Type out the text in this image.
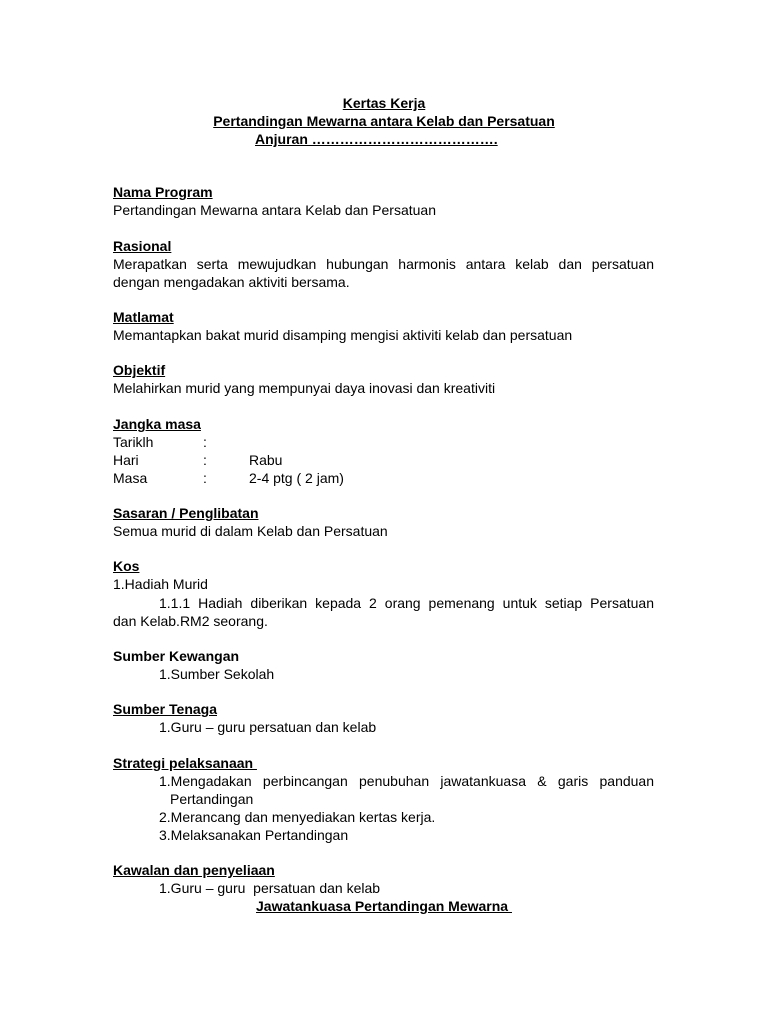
Kertas Kerja
Pertandingan Mewarna antara Kelab dan Persatuan
Anjuran ………………………………….
Nama Program
Pertandingan Mewarna antara Kelab dan Persatuan
Rasional
Merapatkan serta mewujudkan hubungan harmonis antara kelab dan persatuan
dengan mengadakan aktiviti bersama.
Matlamat
Memantapkan bakat murid disamping mengisi aktiviti kelab dan persatuan
Objektif
Melahirkan murid yang mempunyai daya inovasi dan kreativiti
Jangka masa
Tariklh	:
Hari	:	Rabu
Masa	:	2-4 ptg ( 2 jam)
Sasaran / Penglibatan
Semua murid di dalam Kelab dan Persatuan
Kos
1.Hadiah Murid
1.1.1 Hadiah diberikan kepada 2 orang pemenang untuk setiap Persatuan
dan Kelab.RM2 seorang.
Sumber Kewangan
1.Sumber Sekolah
Sumber Tenaga
1.Guru – guru persatuan dan kelab
Strategi pelaksanaan
1.Mengadakan perbincangan penubuhan jawatankuasa & garis panduan
Pertandingan
2.Merancang dan menyediakan kertas kerja.
3.Melaksanakan Pertandingan
Kawalan dan penyeliaan
1.Guru – guru  persatuan dan kelab
Jawatankuasa Pertandingan Mewarna
